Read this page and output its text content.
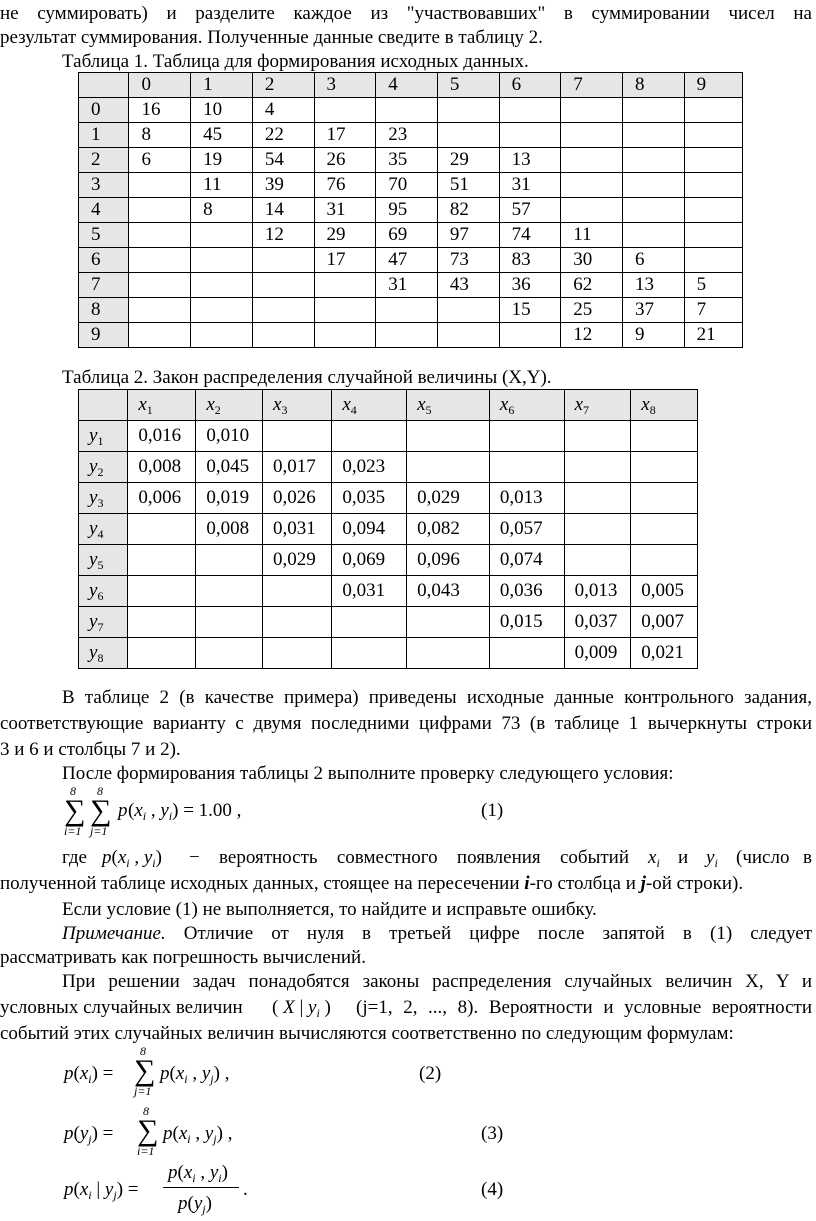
не суммировать) и разделите каждое из "участвовавших" в суммировании чисел на
результат суммирования. Полученные данные сведите в таблицу 2.
Таблица 1. Таблица для формирования исходных данных.
	0	1	2	3	4	5	6	7	8	9
0	16	10	4							
1	8	45	22	17	23					
2	6	19	54	26	35	29	13			
3		11	39	76	70	51	31			
4		8	14	31	95	82	57			
5			12	29	69	97	74	11		
6				17	47	73	83	30	6	
7					31	43	36	62	13	5
8							15	25	37	7
9								12	9	21
Таблица 2. Закон распределения случайной величины (X,Y).
	$x_1$	$x_2$	$x_3$	$x_4$	$x_5$	$x_6$	$x_7$	$x_8$
$y_1$	0,016	0,010						
$y_2$	0,008	0,045	0,017	0,023				
$y_3$	0,006	0,019	0,026	0,035	0,029	0,013		
$y_4$		0,008	0,031	0,094	0,082	0,057		
$y_5$			0,029	0,069	0,096	0,074		
$y_6$				0,031	0,043	0,036	0,013	0,005
$y_7$						0,015	0,037	0,007
$y_8$							0,009	0,021
В таблице 2 (в качестве примера) приведены исходные данные контрольного задания,
соответствующие варианту с двумя последними цифрами 73 (в таблице 1 вычеркнуты строки
3 и 6 и столбцы 7 и 2).
После формирования таблицы 2 выполните проверку следующего условия:
8 8
∑ ∑
i=1 j=1
p ($x_i$ , $y_i) = 1.00$ ,	(1)
где $p(x_i$ , $y_i$) − вероятность совместного появления событий $x_i$ и $y_i$ (число в
полученной таблице исходных данных, стоящее на пересечении i-го столбца и j-ой строки).
Если условие (1) не выполняется, то найдите и исправьте ошибку.
Примечание. Отличие от нуля в третьей цифре после запятой в (1) следует
рассматривать как погрешность вычислений.
При решении задач понадобятся законы распределения случайных величин X, Y и
условных случайных величин ( X | $y_i$ ) (j=1, 2, ..., 8). Вероятности и условные вероятности
событий этих случайных величин вычисляются соответственно по следующим формулам:
$p(x_i)$ =
8
∑
j=1
$p(x_i$ , $y_j$) ,	(2)
$p(y_j)$ =
8
∑
i=1
$p(x_i$ , $y_j$) ,	(3)
$p(x_i$ | $y_j$) =
$p(x_i$ , $y_i$)
$p(y_j)$
.	(4)
